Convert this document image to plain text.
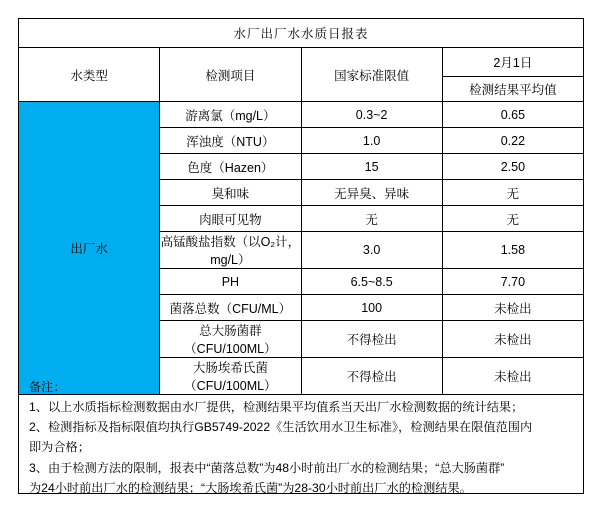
水厂出厂水水质日报表			
水类型	检测项目	国家标准限值	2月1日
			检测结果平均值
出厂水	游离氯（mg/L）	0.3~2	0.65
	浑浊度（NTU）	1.0	0.22
	色度（Hazen）	15	2.50
	臭和味	无异臭、异味	无
	肉眼可见物	无	无
	高锰酸盐指数（以O₂计，mg/L）	3.0	1.58
	PH	6.5~8.5	7.70
	菌落总数（CFU/ML）	100	未检出
	总大肠菌群（CFU/100ML）	不得检出	未检出
	大肠埃希氏菌（CFU/100ML）	不得检出	未检出

备注：

1、以上水质指标检测数据由水厂提供，检测结果平均值系当天出厂水检测数据的统计结果；

2、检测指标及指标限值均执行GB5749-2022《生活饮用水卫生标准》，检测结果在限值范围内

即为合格；

3、由于检测方法的限制，报表中“菌落总数”为48小时前出厂水的检测结果；“总大肠菌群”

为24小时前出厂水的检测结果；“大肠埃希氏菌”为28-30小时前出厂水的检测结果。
